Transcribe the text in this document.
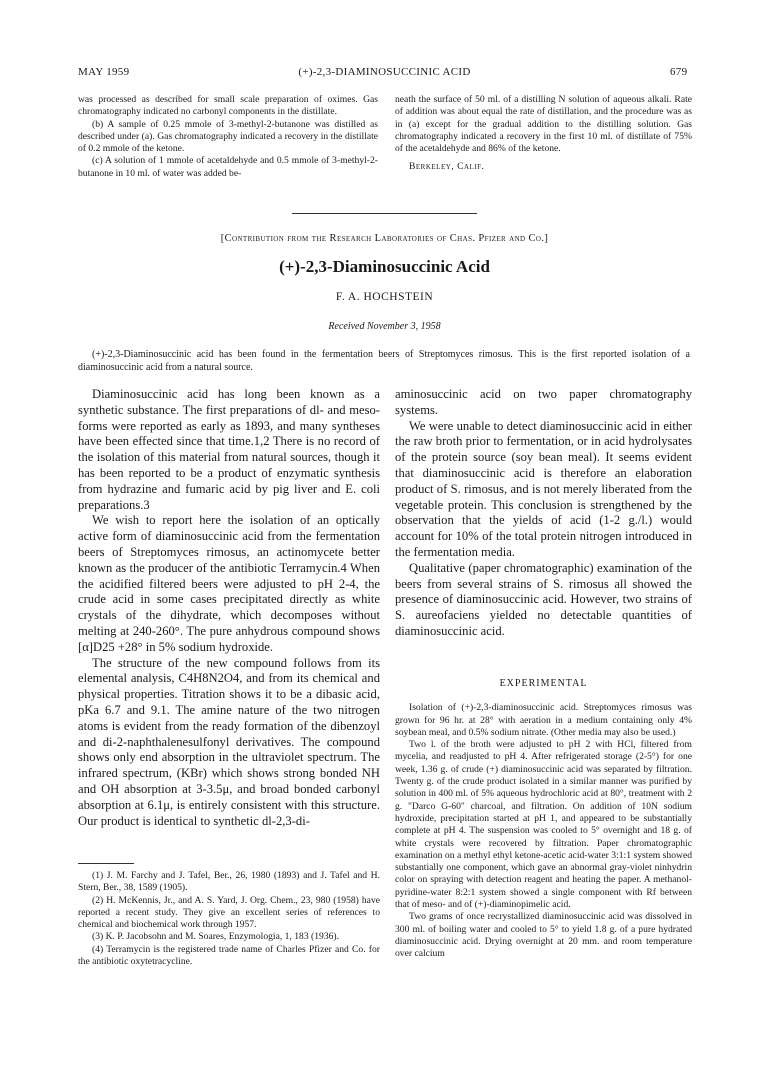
MAY 1959	(+)-2,3-DIAMINOSUCCINIC ACID	679

was processed as described for small scale preparation of oximes. Gas chromatography indicated no carbonyl components in the distillate.

(b) A sample of 0.25 mmole of 3-methyl-2-butanone was distilled as described under (a). Gas chromatography indicated a recovery in the distillate of 0.2 mmole of the ketone.

(c) A solution of 1 mmole of acetaldehyde and 0.5 mmole of 3-methyl-2-butanone in 10 ml. of water was added be-

neath the surface of 50 ml. of a distilling N solution of aqueous alkali. Rate of addition was about equal the rate of distillation, and the procedure was as in (a) except for the gradual addition to the distilling solution. Gas chromatography indicated a recovery in the first 10 ml. of distillate of 75% of the acetaldehyde and 86% of the ketone.

Berkeley, Calif.

[Contribution from the Research Laboratories of Chas. Pfizer and Co.]
(+)-2,3-Diaminosuccinic Acid
F. A. HOCHSTEIN
Received November 3, 1958
(+)-2,3-Diaminosuccinic acid has been found in the fermentation beers of Streptomyces rimosus. This is the first reported isolation of a diaminosuccinic acid from a natural source.

Diaminosuccinic acid has long been known as a synthetic substance. The first preparations of dl- and meso- forms were reported as early as 1893, and many syntheses have been effected since that time.1,2 There is no record of the isolation of this material from natural sources, though it has been reported to be a product of enzymatic synthesis from hydrazine and fumaric acid by pig liver and E. coli preparations.3

We wish to report here the isolation of an optically active form of diaminosuccinic acid from the fermentation beers of Streptomyces rimosus, an actinomycete better known as the producer of the antibiotic Terramycin.4 When the acidified filtered beers were adjusted to pH 2-4, the crude acid in some cases precipitated directly as white crystals of the dihydrate, which decomposes without melting at 240-260°. The pure anhydrous compound shows [α]D25 +28° in 5% sodium hydroxide.

The structure of the new compound follows from its elemental analysis, C4H8N2O4, and from its chemical and physical properties. Titration shows it to be a dibasic acid, pKa 6.7 and 9.1. The amine nature of the two nitrogen atoms is evident from the ready formation of the dibenzoyl and di-2-naphthalenesulfonyl derivatives. The compound shows only end absorption in the ultraviolet spectrum. The infrared spectrum, (KBr) which shows strong bonded NH and OH absorption at 3-3.5μ, and broad bonded carbonyl absorption at 6.1μ, is entirely consistent with this structure. Our product is identical to synthetic dl-2,3-di-

(1) J. M. Farchy and J. Tafel, Ber., 26, 1980 (1893) and J. Tafel and H. Stern, Ber., 38, 1589 (1905).

(2) H. McKennis, Jr., and A. S. Yard, J. Org. Chem., 23, 980 (1958) have reported a recent study. They give an excellent series of references to chemical and biochemical work through 1957.

(3) K. P. Jacobsohn and M. Soares, Enzymologia, 1, 183 (1936).

(4) Terramycin is the registered trade name of Charles Pfizer and Co. for the antibiotic oxytetracycline.

aminosuccinic acid on two paper chromatography systems.

We were unable to detect diaminosuccinic acid in either the raw broth prior to fermentation, or in acid hydrolysates of the protein source (soy bean meal). It seems evident that diaminosuccinic acid is therefore an elaboration product of S. rimosus, and is not merely liberated from the vegetable protein. This conclusion is strengthened by the observation that the yields of acid (1-2 g./l.) would account for 10% of the total protein nitrogen introduced in the fermentation media.

Qualitative (paper chromatographic) examination of the beers from several strains of S. rimosus all showed the presence of diaminosuccinic acid. However, two strains of S. aureofaciens yielded no detectable quantities of diaminosuccinic acid.

EXPERIMENTAL

Isolation of (+)-2,3-diaminosuccinic acid. Streptomyces rimosus was grown for 96 hr. at 28° with aeration in a medium containing only 4% soybean meal, and 0.5% sodium nitrate. (Other media may also be used.)

Two l. of the broth were adjusted to pH 2 with HCl, filtered from mycelia, and readjusted to pH 4. After refrigerated storage (2-5°) for one week, 1.36 g. of crude (+) diaminosuccinic acid was separated by filtration. Twenty g. of the crude product isolated in a similar manner was purified by solution in 400 ml. of 5% aqueous hydrochloric acid at 80°, treatment with 2 g. "Darco G-60" charcoal, and filtration. On addition of 10N sodium hydroxide, precipitation started at pH 1, and appeared to be substantially complete at pH 4. The suspension was cooled to 5° overnight and 18 g. of white crystals were recovered by filtration. Paper chromatographic examination on a methyl ethyl ketone-acetic acid-water 3:1:1 system showed substantially one component, which gave an abnormal gray-violet ninhydrin color on spraying with detection reagent and heating the paper. A methanol-pyridine-water 8:2:1 system showed a single component with Rf between that of meso- and of (+)-diaminopimelic acid.

Two grams of once recrystallized diaminosuccinic acid was dissolved in 300 ml. of boiling water and cooled to 5° to yield 1.8 g. of a pure hydrated diaminosuccinic acid. Drying overnight at 20 mm. and room temperature over calcium
